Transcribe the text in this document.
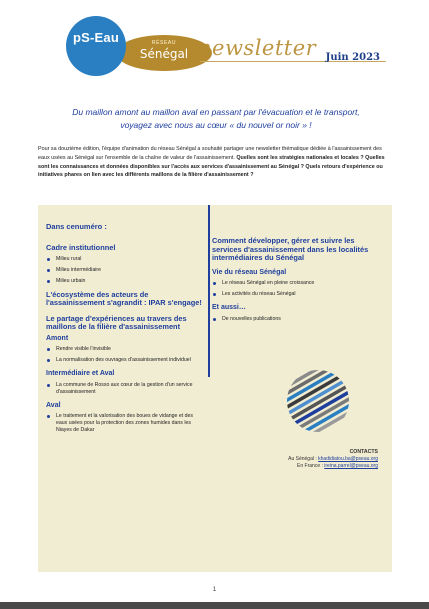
RÉSEAU
Sénégal
pS-Eau	newsletter Juin 2023
Du maillon amont au maillon aval en passant par l'évacuation et le transport,
voyagez avec nous au cœur « du nouvel or noir » !
Pour sa douzième édition, l'équipe d'animation du réseau Sénégal a souhaité partager une newsletter thématique dédiée à l'assainissement des eaux usées au Sénégal sur l'ensemble de la chaîne de valeur de l'assainissement. Quelles sont les stratégies nationales et locales ? Quelles sont les connaissances et données disponibles sur l'accès aux services d'assainissement au Sénégal ? Quels retours d'expérience ou initiatives phares on lien avec les différents maillons de la filière d'assainissement ?
Dans cenuméro :
Cadre institutionnel
Milieu rural
Milieu intermédiaire
Milieu urbain
L'écosystème des acteurs de l'assainissement s'agrandit : IPAR s'engage!
Le partage d'expériences au travers des maillons de la filière d'assainissement
Amont
Rendre visible l'invisible
La normalisation des ouvrages d'assainissement individuel
Intermédiaire et Aval
La commune de Rosso aux cœur de la gestion d'un service d'assainissement
Aval
Le traitement et la valorisation des boues de vidange et des eaux usées pour la protection des zones humides dans les Niayes de Dakar
Comment développer, gérer et suivre les services d'assainissement dans les localités intermédiaires du Sénégal
Vie du réseau Sénégal
Le réseau Sénégal en pleine croissance
Les activités du réseau Sénégal
Et aussi…
De nouvelles publications
CONTACTS
Au Sénégal : khadidiatou.ba@pseau.org
En France : ireina.parrel@pseau.org
1
